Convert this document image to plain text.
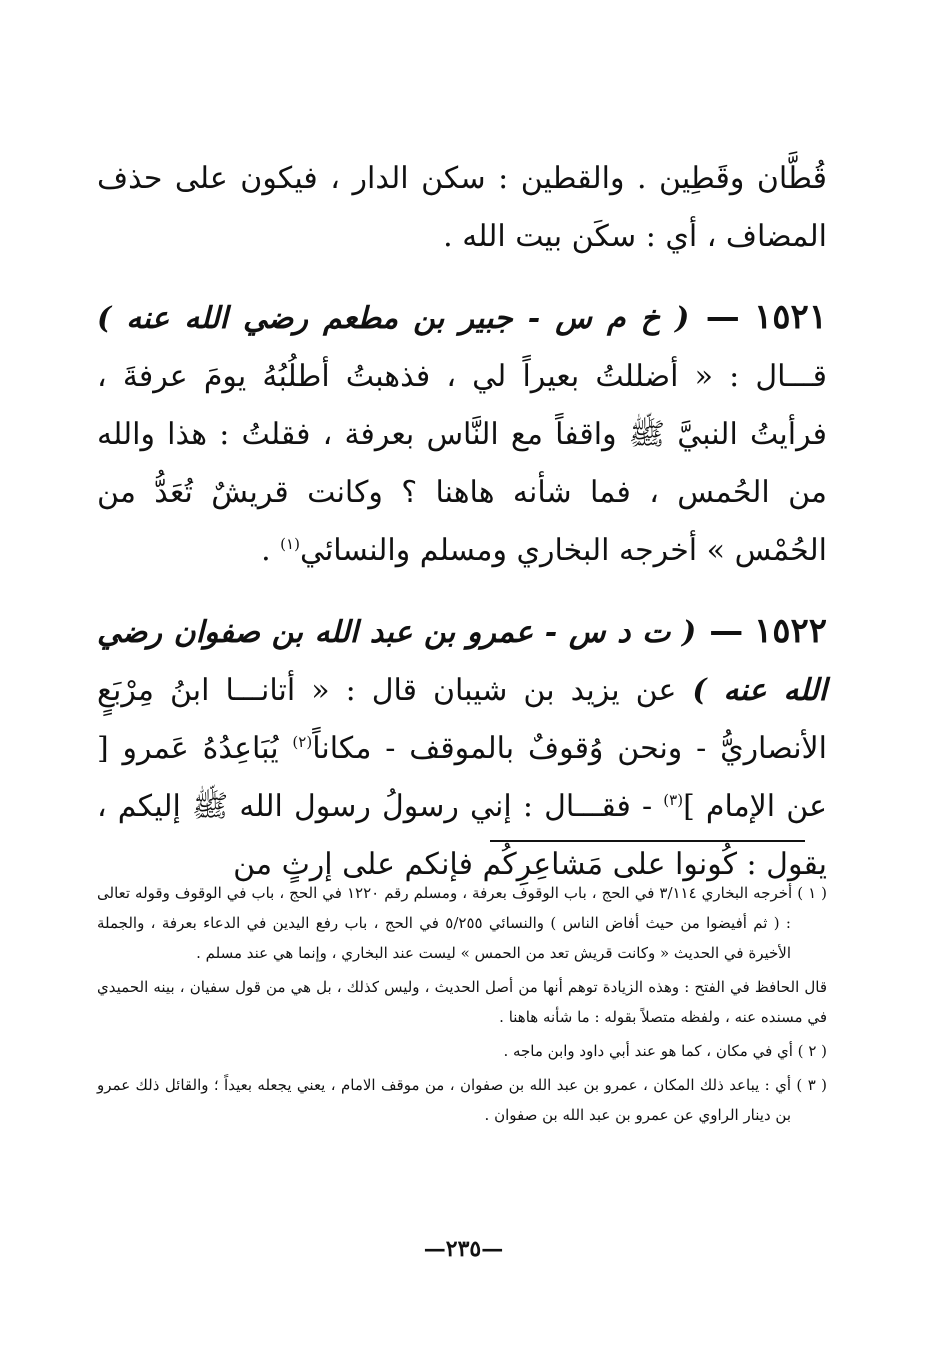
قُطَّان وقَطِين . والقطين : سكن الدار ، فيكون على حذف المضاف ، أي : سكَن بيت الله .

١٥٢١ — ( خ م س - جبير بن مطعم رضي الله عنه ) قـــال : « أضللتُ بعيراً لي ، فذهبتُ أطلُبُهُ يومَ عرفةَ ، فرأيتُ النبيَّ ﷺ واقفاً مع النَّاس بعرفة ، فقلتُ : هذا والله من الحُمس ، فما شأنه هاهنا ؟ وكانت قريشٌ تُعَدُّ من الحُمْس » أخرجه البخاري ومسلم والنسائي$^{(١)}$ .

١٥٢٢ — ( ت د س - عمرو بن عبد الله بن صفوان رضي الله عنه ) عن يزيد بن شيبان قال : « أتانـــا ابنُ مِرْبَعٍ الأنصاريُّ - ونحن وُقوفٌ بالموقف - مكاناً$^{(٢)}$ يُبَاعِدُهُ عَمرو [ عن الإمام ]$^{(٣)}$ - فقـــال : إني رسولُ رسول الله ﷺ إليكم ، يقول : كُونوا على مَشاعِرِكُم فإنكم على إرثٍ من

( ١ ) أخرجه البخاري ٣/١١٤ في الحج ، باب الوقوف بعرفة ، ومسلم رقم ١٢٢٠ في الحج ، باب في الوقوف وقوله تعالى : ( ثم أفيضوا من حيث أفاض الناس ) والنسائي ٥/٢٥٥ في الحج ، باب رفع اليدين في الدعاء بعرفة ، والجملة الأخيرة في الحديث « وكانت قريش تعد من الحمس » ليست عند البخاري ، وإنما هي عند مسلم .

قال الحافظ في الفتح : وهذه الزيادة توهم أنها من أصل الحديث ، وليس كذلك ، بل هي من قول سفيان ، بينه الحميدي في مسنده عنه ، ولفظه متصلاً بقوله : ما شأنه هاهنا .

( ٢ ) أي في مكان ، كما هو عند أبي داود وابن ماجه .

( ٣ ) أي : يباعد ذلك المكان ، عمرو بن عبد الله بن صفوان ، من موقف الامام ، يعني يجعله بعيداً ؛ والقائل ذلك عمرو بن دينار الراوي عن عمرو بن عبد الله بن صفوان .

—٢٣٥—
